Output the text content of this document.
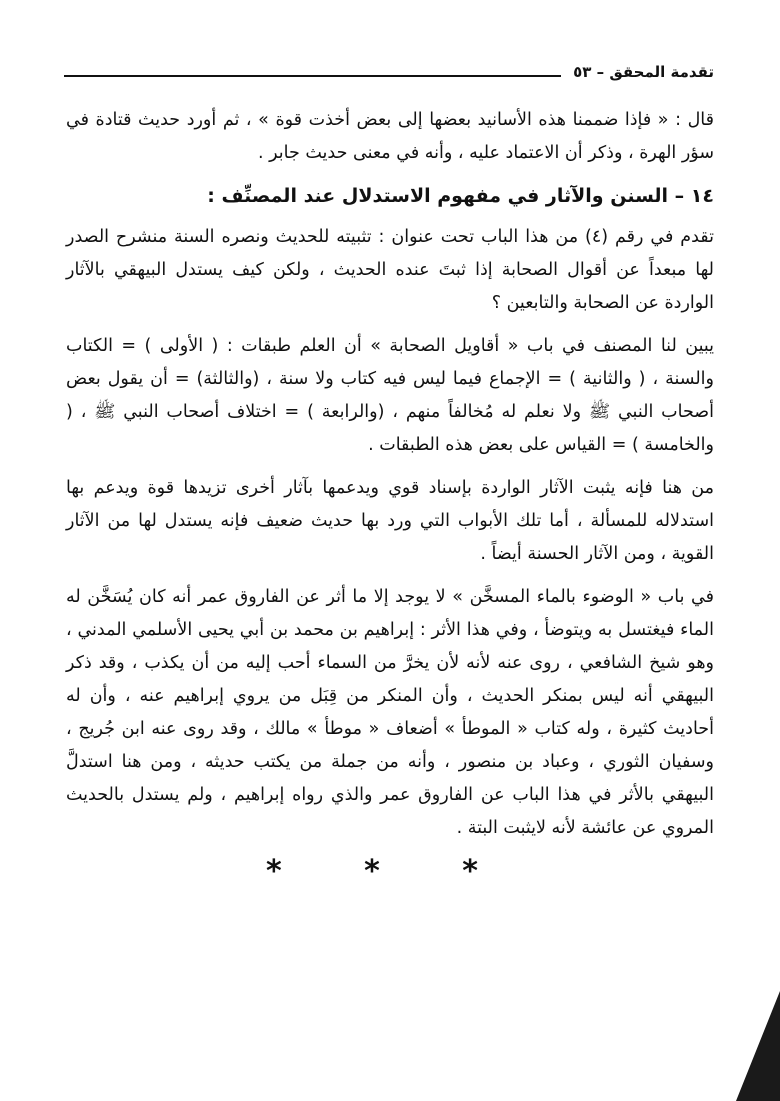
تقدمة المحقق – ٥٣

قال : « فإذا ضممنا هذه الأسانيد بعضها إلى بعض أخذت قوة » ، ثم أورد حديث قتادة في سؤر الهرة ، وذكر أن الاعتماد عليه ، وأنه في معنى حديث جابر .

١٤ – السنن والآثار في مفهوم الاستدلال عند المصنِّف :

تقدم في رقم (٤) من هذا الباب تحت عنوان : تثبيته للحديث ونصره السنة منشرح الصدر لها مبعداً عن أقوال الصحابة إذا ثبتَ عنده الحديث ، ولكن كيف يستدل البيهقي بالآثار الواردة عن الصحابة والتابعين ؟

يبين لنا المصنف في باب « أقاويل الصحابة » أن العلم طبقات : ( الأولى ) = الكتاب والسنة ، ( والثانية ) = الإجماع فيما ليس فيه كتاب ولا سنة ، (والثالثة) = أن يقول بعض أصحاب النبي ﷺ ولا نعلم له مُخالفاً منهم ، (والرابعة ) = اختلاف أصحاب النبي ﷺ ، ( والخامسة ) = القياس على بعض هذه الطبقات .

من هنا فإنه يثبت الآثار الواردة بإسناد قوي ويدعمها بآثار أخرى تزيدها قوة ويدعم بها استدلاله للمسألة ، أما تلك الأبواب التي ورد بها حديث ضعيف فإنه يستدل لها من الآثار القوية ، ومن الآثار الحسنة أيضاً .

في باب « الوضوء بالماء المسخَّن » لا يوجد إلا ما أثر عن الفاروق عمر أنه كان يُسَخَّن له الماء فيغتسل به ويتوضأ ، وفي هذا الأثر : إبراهيم بن محمد بن أبي يحيى الأسلمي المدني ، وهو شيخ الشافعي ، روى عنه لأنه لأن يخرَّ من السماء أحب إليه من أن يكذب ، وقد ذكر البيهقي أنه ليس بمنكر الحديث ، وأن المنكر من قِبَل من يروي إبراهيم عنه ، وأن له أحاديث كثيرة ، وله كتاب « الموطأ » أضعاف « موطأ » مالك ، وقد روى عنه ابن جُريج ، وسفيان الثوري ، وعباد بن منصور ، وأنه من جملة من يكتب حديثه ، ومن هنا استدلَّ البيهقي بالأثر في هذا الباب عن الفاروق عمر والذي رواه إبراهيم ، ولم يستدل بالحديث المروي عن عائشة لأنه لايثبت البتة .

* * *
